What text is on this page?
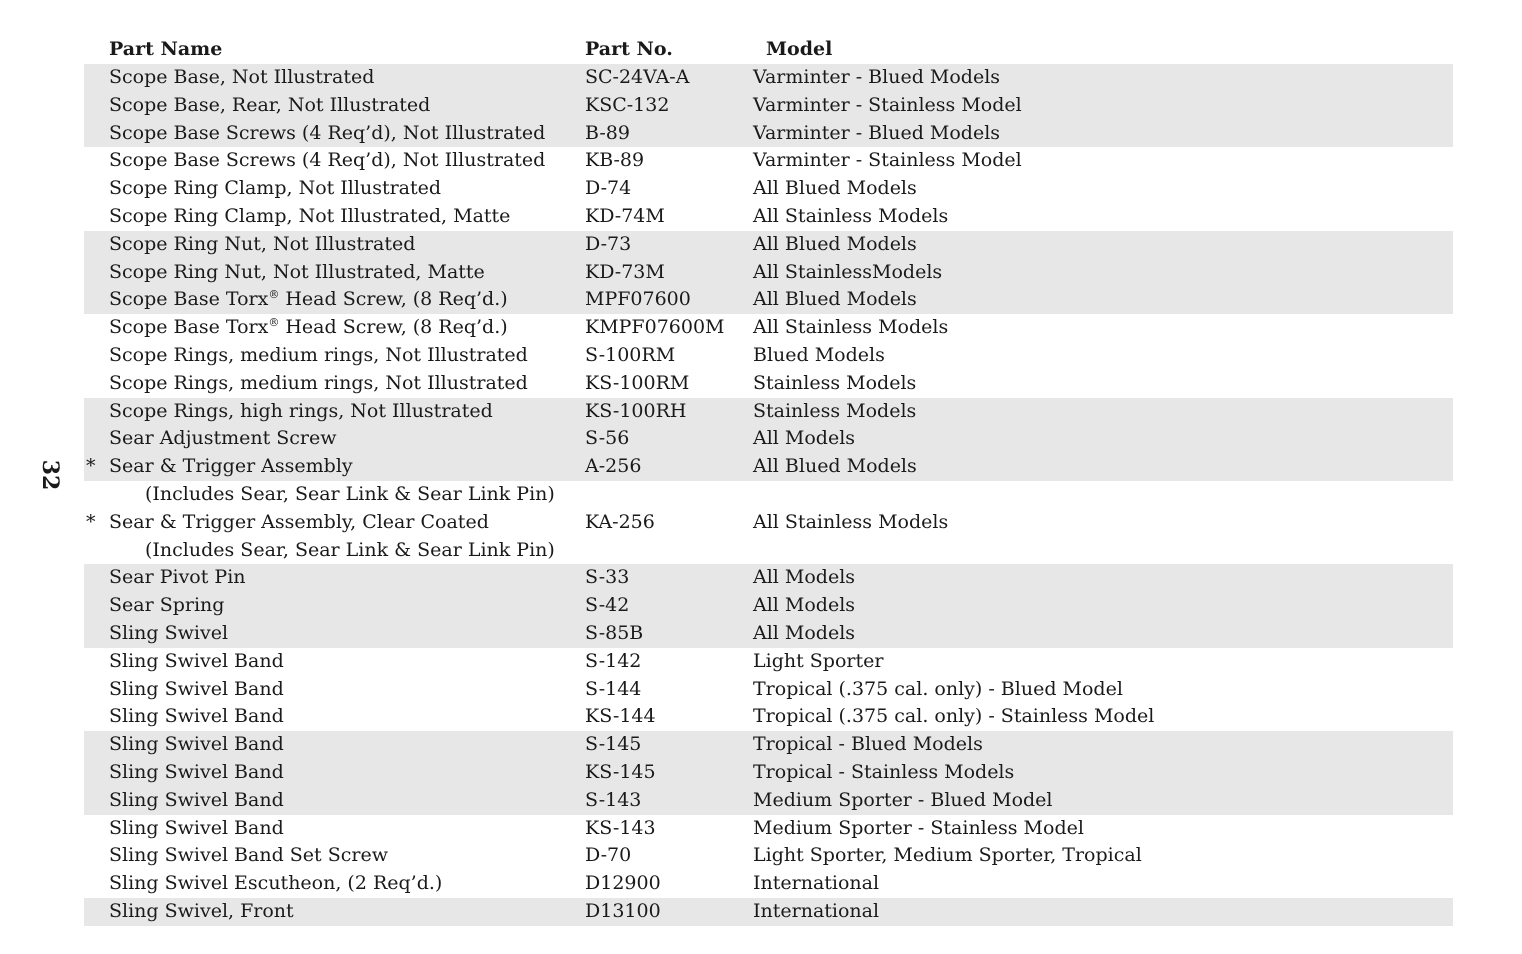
32
Part Name	Part No.	Model
Scope Base, Not Illustrated	SC-24VA-A	Varminter - Blued Models
Scope Base, Rear, Not Illustrated	KSC-132	Varminter - Stainless Model
Scope Base Screws (4 Req’d), Not Illustrated B-89	Varminter - Blued Models
Scope Base Screws (4 Req’d), Not Illustrated KB-89	Varminter - Stainless Model
Scope Ring Clamp, Not Illustrated	D-74	All Blued Models
Scope Ring Clamp, Not Illustrated, Matte	KD-74M	All Stainless Models
Scope Ring Nut, Not Illustrated	D-73	All Blued Models
Scope Ring Nut, Not Illustrated, Matte	KD-73M	All StainlessModels
Scope Base Torx® Head Screw, (8 Req’d.)	MPF07600	All Blued Models
Scope Base Torx® Head Screw, (8 Req’d.)	KMPF07600M All Stainless Models
Scope Rings, medium rings, Not Illustrated	S-100RM	Blued Models
Scope Rings, medium rings, Not Illustrated	KS-100RM	Stainless Models
Scope Rings, high rings, Not Illustrated	KS-100RH	Stainless Models
Sear Adjustment Screw	S-56	All Models
* Sear & Trigger Assembly	A-256	All Blued Models
(Includes Sear, Sear Link & Sear Link Pin)
* Sear & Trigger Assembly, Clear Coated	KA-256	All Stainless Models
(Includes Sear, Sear Link & Sear Link Pin)
Sear Pivot Pin	S-33	All Models
Sear Spring	S-42	All Models
Sling Swivel	S-85B	All Models
Sling Swivel Band	S-142	Light Sporter
Sling Swivel Band	S-144	Tropical (.375 cal. only) - Blued Model
Sling Swivel Band	KS-144	Tropical (.375 cal. only) - Stainless Model
Sling Swivel Band	S-145	Tropical - Blued Models
Sling Swivel Band	KS-145	Tropical - Stainless Models
Sling Swivel Band	S-143	Medium Sporter - Blued Model
Sling Swivel Band	KS-143	Medium Sporter - Stainless Model
Sling Swivel Band Set Screw	D-70	Light Sporter, Medium Sporter, Tropical
Sling Swivel Escutheon, (2 Req’d.)	D12900	International
Sling Swivel, Front	D13100	International
